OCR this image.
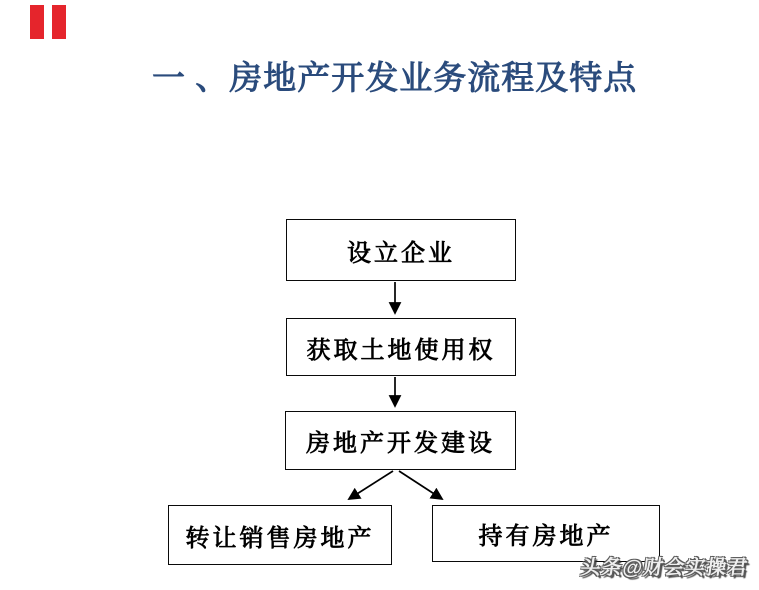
一 、房地产开发业务流程及特点
设立企业
获取土地使用权
房地产开发建设
转让销售房地产	持有房地产
头条@财会实操君
